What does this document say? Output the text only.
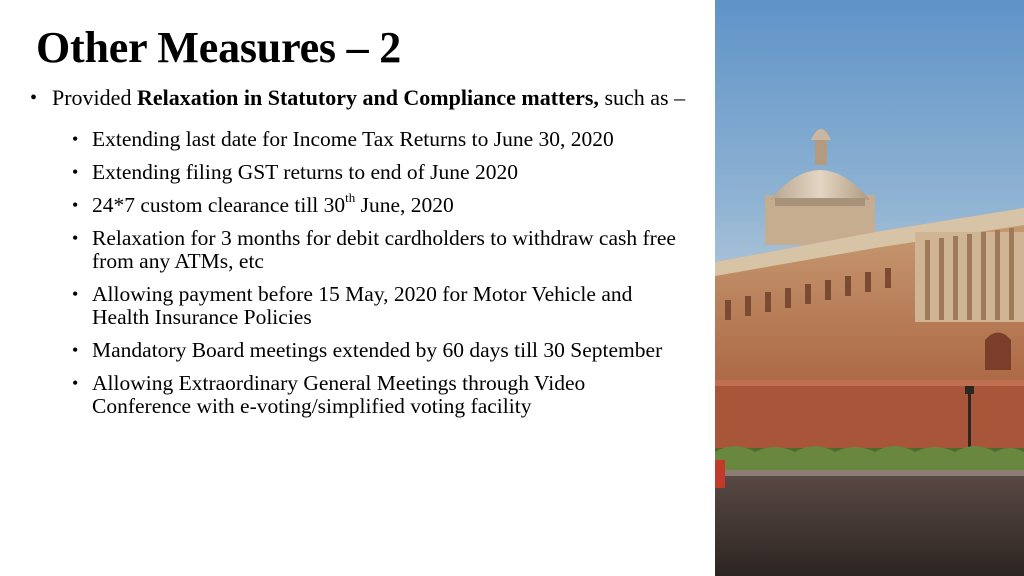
Other Measures – 2
• Provided Relaxation in Statutory and Compliance matters, such as –
• Extending last date for Income Tax Returns to June 30, 2020
• Extending filing GST returns to end of June 2020
• 24*7 custom clearance till 30th June, 2020
• Relaxation for 3 months for debit cardholders to withdraw cash free from any ATMs, etc
• Allowing payment before 15 May, 2020 for Motor Vehicle and Health Insurance Policies
• Mandatory Board meetings extended by 60 days till 30 September
• Allowing Extraordinary General Meetings through Video Conference with e-voting/simplified voting facility
